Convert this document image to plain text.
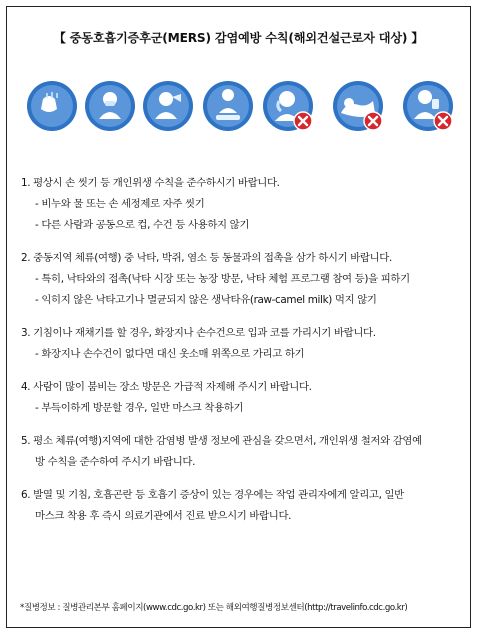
【 중동호흡기증후군(MERS) 감염예방 수칙(해외건설근로자 대상) 】
1. 평상시 손 씻기 등 개인위생 수칙을 준수하시기 바랍니다.
- 비누와 물 또는 손 세정제로 자주 씻기
- 다른 사람과 공동으로 컵, 수건 등 사용하지 않기
2. 중동지역 체류(여행) 중 낙타, 박쥐, 염소 등 동물과의 접촉을 삼가 하시기 바랍니다.
- 특히, 낙타와의 접촉(낙타 시장 또는 농장 방문, 낙타 체험 프로그램 참여 등)을 피하기
- 익히지 않은 낙타고기나 멸균되지 않은 생낙타유(raw-camel milk) 먹지 않기
3. 기침이나 재채기를 할 경우, 화장지나 손수건으로 입과 코를 가리시기 바랍니다.
- 화장지나 손수건이 없다면 대신 옷소매 위쪽으로 가리고 하기
4. 사람이 많이 붐비는 장소 방문은 가급적 자제해 주시기 바랍니다.
- 부득이하게 방문할 경우, 일반 마스크 착용하기
5. 평소 체류(여행)지역에 대한 감염병 발생 정보에 관심을 갖으면서, 개인위생 철저와 감염예
방 수칙을 준수하여 주시기 바랍니다.
6. 발열 및 기침, 호흡곤란 등 호흡기 증상이 있는 경우에는 작업 관리자에게 알리고, 일반
마스크 착용 후 즉시 의료기관에서 진료 받으시기 바랍니다.
*질병정보 : 질병관리본부 홈페이지(www.cdc.go.kr) 또는 해외여행질병정보센터(http://travelinfo.cdc.go.kr)
